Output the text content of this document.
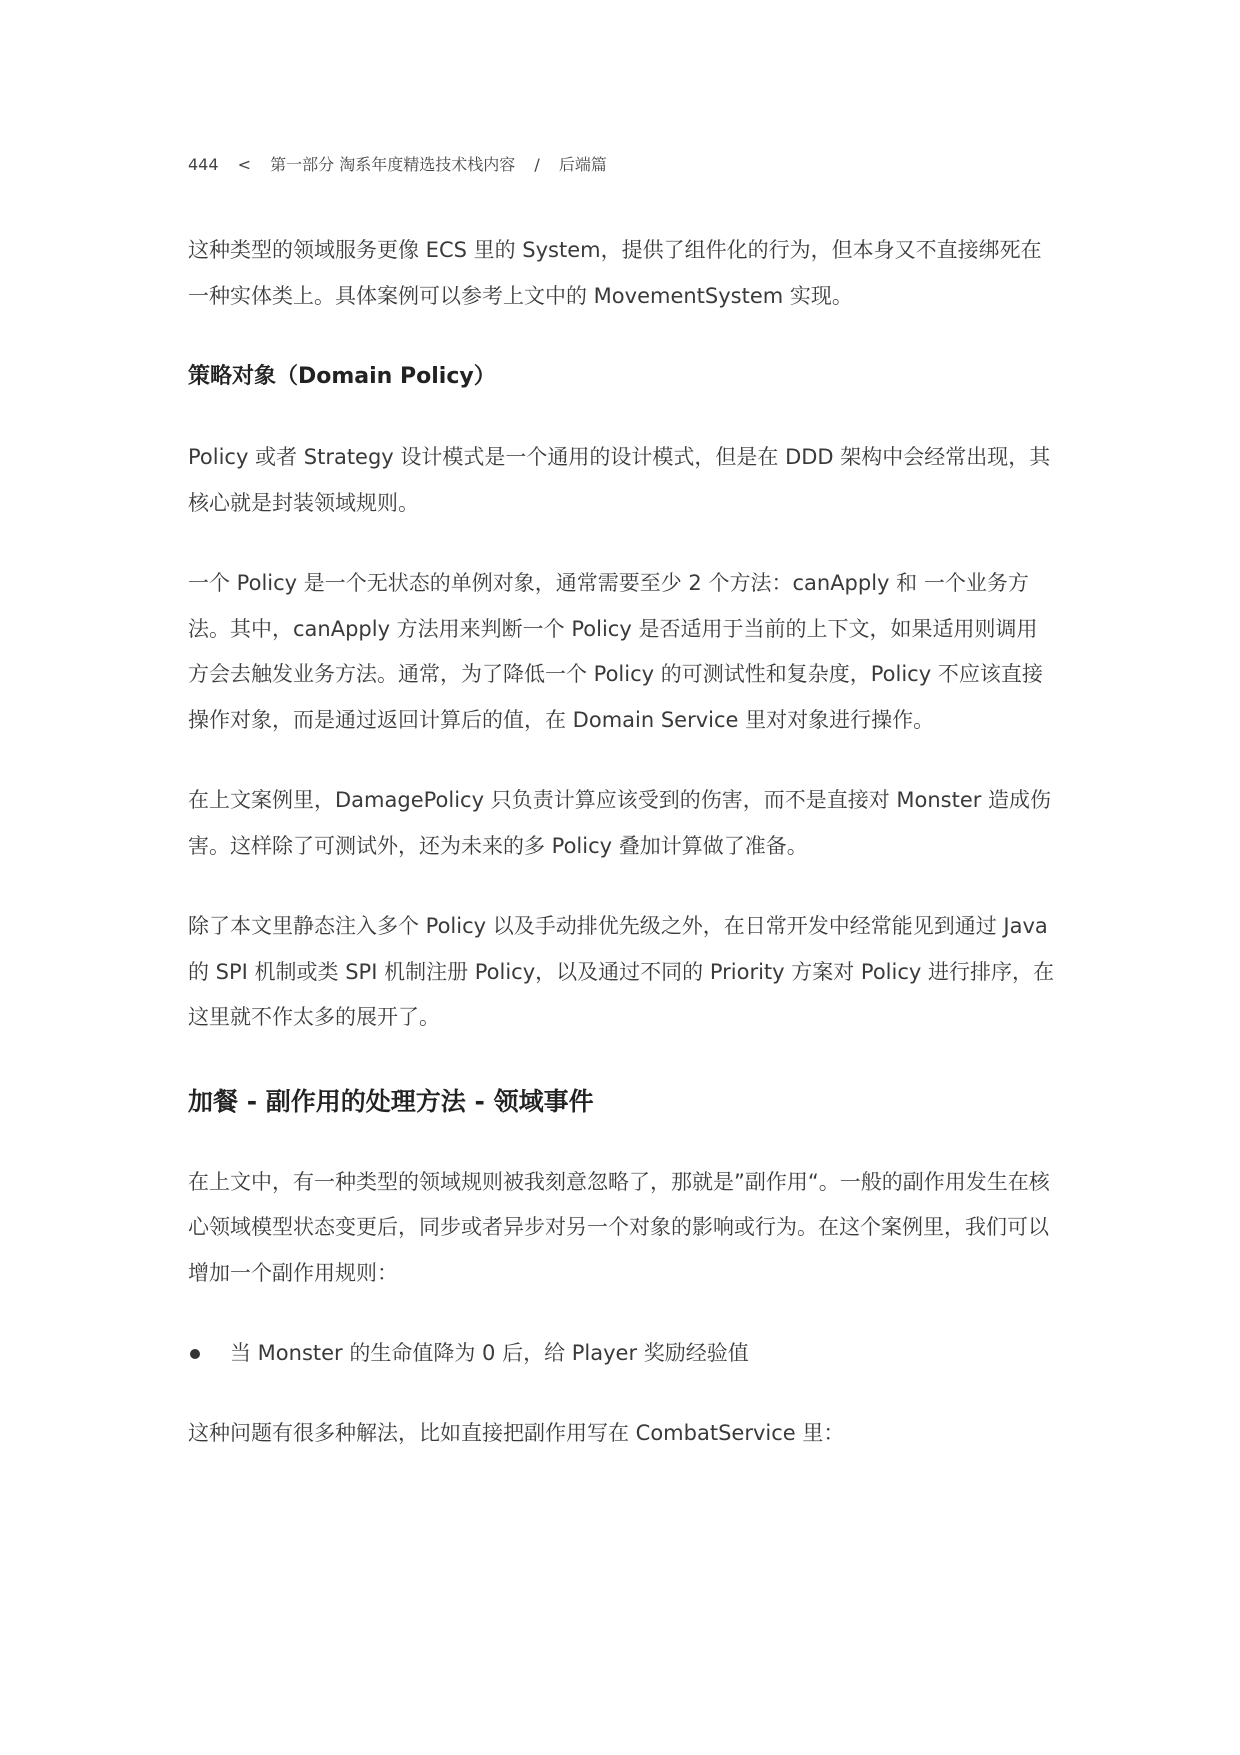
444 < 第一部分 淘系年度精选技术栈内容 / 后端篇

这种类型的领域服务更像 ECS 里的 System，提供了组件化的行为，但本身又不直接绑死在一种实体类上。具体案例可以参考上文中的 MovementSystem 实现。

策略对象（Domain Policy）

Policy 或者 Strategy 设计模式是一个通用的设计模式，但是在 DDD 架构中会经常出现，其核心就是封装领域规则。

一个 Policy 是一个无状态的单例对象，通常需要至少 2 个方法：canApply 和 一个业务方法。其中，canApply 方法用来判断一个 Policy 是否适用于当前的上下文，如果适用则调用方会去触发业务方法。通常，为了降低一个 Policy 的可测试性和复杂度，Policy 不应该直接操作对象，而是通过返回计算后的值，在 Domain Service 里对对象进行操作。

在上文案例里，DamagePolicy 只负责计算应该受到的伤害，而不是直接对 Monster 造成伤害。这样除了可测试外，还为未来的多 Policy 叠加计算做了准备。

除了本文里静态注入多个 Policy 以及手动排优先级之外，在日常开发中经常能见到通过 Java 的 SPI 机制或类 SPI 机制注册 Policy，以及通过不同的 Priority 方案对 Policy 进行排序，在这里就不作太多的展开了。

加餐 - 副作用的处理方法 - 领域事件

在上文中，有一种类型的领域规则被我刻意忽略了，那就是”副作用“。一般的副作用发生在核心领域模型状态变更后，同步或者异步对另一个对象的影响或行为。在这个案例里，我们可以增加一个副作用规则：

当 Monster 的生命值降为 0 后，给 Player 奖励经验值

这种问题有很多种解法，比如直接把副作用写在 CombatService 里：
